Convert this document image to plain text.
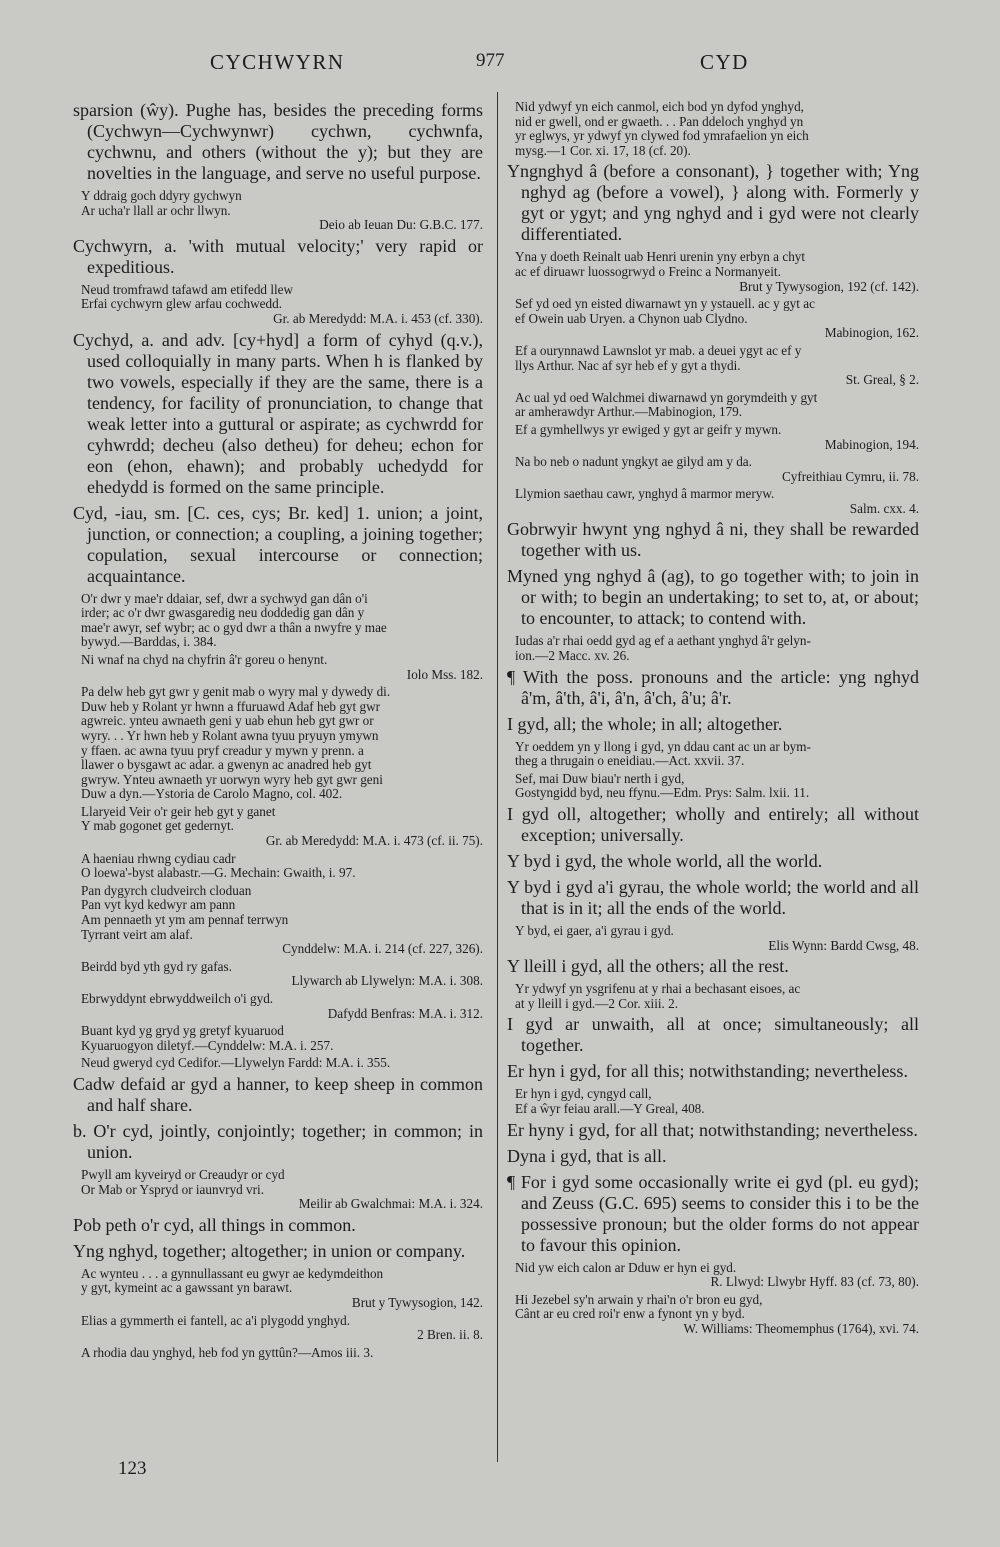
CYCHWYRN	977	CYD
sparsion (ŵy). Pughe has, besides the preceding forms (Cychwyn—Cychwynwr) cychwn, cychwnfa, cychwnu, and others (without the y); but they are novelties in the language, and serve no useful purpose.
Y ddraig goch ddyry gychwyn
Ar ucha'r llall ar ochr llwyn.
Deio ab Ieuan Du: G.B.C. 177.
Cychwyrn, a. 'with mutual velocity;' very rapid or expeditious.
Neud tromfrawd tafawd am etifedd llew
Erfai cychwyrn glew arfau cochwedd.
Gr. ab Meredydd: M.A. i. 453 (cf. 330).
Cychyd, a. and adv. [cy+hyd] a form of cyhyd (q.v.), used colloquially in many parts. When h is flanked by two vowels, especially if they are the same, there is a tendency, for facility of pronunciation, to change that weak letter into a guttural or aspirate; as cychwrdd for cyhwrdd; decheu (also detheu) for deheu; echon for eon (ehon, ehawn); and probably uchedydd for ehedydd is formed on the same principle.
Cyd, -iau, sm. [C. ces, cys; Br. ked] 1. union; a joint, junction, or connection; a coupling, a joining together; copulation, sexual intercourse or connection; acquaintance.
O'r dwr y mae'r ddaiar, sef, dwr a sychwyd gan dân o'i
irder; ac o'r dwr gwasgaredig neu doddedig gan dân y
mae'r awyr, sef wybr; ac o gyd dwr a thân a nwyfre y mae
bywyd.—Barddas, i. 384.
Ni wnaf na chyd na chyfrin â'r goreu o henynt.
Iolo Mss. 182.
Pa delw heb gyt gwr y genit mab o wyry mal y dywedy di.
Duw heb y Rolant yr hwnn a ffuruawd Adaf heb gyt gwr
agwreic. ynteu awnaeth geni y uab ehun heb gyt gwr or
wyry. . . Yr hwn heb y Rolant awna tyuu pryuyn ymywn
y ffaen. ac awna tyuu pryf creadur y mywn y prenn. a
llawer o bysgawt ac adar. a gwenyn ac anadred heb gyt
gwryw. Ynteu awnaeth yr uorwyn wyry heb gyt gwr geni
Duw a dyn.—Ystoria de Carolo Magno, col. 402.
Llaryeid Veir o'r geir heb gyt y ganet
Y mab gogonet get gedernyt.
Gr. ab Meredydd: M.A. i. 473 (cf. ii. 75).
A haeniau rhwng cydiau cadr
O loewa'-byst alabastr.—G. Mechain: Gwaith, i. 97.
Pan dygyrch cludveirch cloduan
Pan vyt kyd kedwyr am pann
Am pennaeth yt ym am pennaf terrwyn
Tyrrant veirt am alaf.
Cynddelw: M.A. i. 214 (cf. 227, 326).
Beirdd byd yth gyd ry gafas.
Llywarch ab Llywelyn: M.A. i. 308.
Ebrwyddynt ebrwyddweilch o'i gyd.
Dafydd Benfras: M.A. i. 312.
Buant kyd yg gryd yg gretyf kyuaruod
Kyuaruogyon diletyf.—Cynddelw: M.A. i. 257.
Neud gweryd cyd Cedifor.—Llywelyn Fardd: M.A. i. 355.
Cadw defaid ar gyd a hanner, to keep sheep in common and half share.
b. O'r cyd, jointly, conjointly; together; in common; in union.
Pwyll am kyveiryd or Creaudyr or cyd
Or Mab or Yspryd or iaunvryd vri.
Meilir ab Gwalchmai: M.A. i. 324.
Pob peth o'r cyd, all things in common.
Yng nghyd, together; altogether; in union or company.
Ac wynteu . . . a gynnullassant eu gwyr ae kedymdeithon
y gyt, kymeint ac a gawssant yn barawt.
Brut y Tywysogion, 142.
Elias a gymmerth ei fantell, ac a'i plygodd ynghyd.
2 Bren. ii. 8.
A rhodia dau ynghyd, heb fod yn gyttûn?—Amos iii. 3.
Nid ydwyf yn eich canmol, eich bod yn dyfod ynghyd,
nid er gwell, ond er gwaeth. . . Pan ddeloch ynghyd yn
yr eglwys, yr ydwyf yn clywed fod ymrafaelion yn eich
mysg.—1 Cor. xi. 17, 18 (cf. 20).
Yngnghyd â (before a consonant), } together with; Yng nghyd ag (before a vowel), } along with. Formerly y gyt or ygyt; and yng nghyd and i gyd were not clearly differentiated.
Yna y doeth Reinalt uab Henri urenin yny erbyn a chyt
ac ef diruawr luossogrwyd o Freinc a Normanyeit.
Brut y Tywysogion, 192 (cf. 142).
Sef yd oed yn eisted diwarnawt yn y ystauell. ac y gyt ac
ef Owein uab Uryen. a Chynon uab Clydno.
Mabinogion, 162.
Ef a ourynnawd Lawnslot yr mab. a deuei ygyt ac ef y
llys Arthur. Nac af syr heb ef y gyt a thydi.
St. Greal, § 2.
Ac ual yd oed Walchmei diwarnawd yn gorymdeith y gyt
ar amherawdyr Arthur.—Mabinogion, 179.
Ef a gymhellwys yr ewiged y gyt ar geifr y mywn.
Mabinogion, 194.
Na bo neb o nadunt yngkyt ae gilyd am y da.
Cyfreithiau Cymru, ii. 78.
Llymion saethau cawr, ynghyd â marmor meryw.
Salm. cxx. 4.
Gobrwyir hwynt yng nghyd â ni, they shall be rewarded together with us.
Myned yng nghyd â (ag), to go together with; to join in or with; to begin an undertaking; to set to, at, or about; to encounter, to attack; to contend with.
Iudas a'r rhai oedd gyd ag ef a aethant ynghyd â'r gelyn-
ion.—2 Macc. xv. 26.
¶ With the poss. pronouns and the article: yng nghyd â'm, â'th, â'i, â'n, â'ch, â'u; â'r.
I gyd, all; the whole; in all; altogether.
Yr oeddem yn y llong i gyd, yn ddau cant ac un ar bym-
theg a thrugain o eneidiau.—Act. xxvii. 37.
Sef, mai Duw biau'r nerth i gyd,
Gostyngidd byd, neu ffynu.—Edm. Prys: Salm. lxii. 11.
I gyd oll, altogether; wholly and entirely; all without exception; universally.
Y byd i gyd, the whole world, all the world.
Y byd i gyd a'i gyrau, the whole world; the world and all that is in it; all the ends of the world.
Y byd, ei gaer, a'i gyrau i gyd.
Elis Wynn: Bardd Cwsg, 48.
Y lleill i gyd, all the others; all the rest.
Yr ydwyf yn ysgrifenu at y rhai a bechasant eisoes, ac
at y lleill i gyd.—2 Cor. xiii. 2.
I gyd ar unwaith, all at once; simultaneously; all together.
Er hyn i gyd, for all this; notwithstanding; nevertheless.
Er hyn i gyd, cyngyd call,
Ef a ŵyr feiau arall.—Y Greal, 408.
Er hyny i gyd, for all that; notwithstanding; nevertheless.
Dyna i gyd, that is all.
¶ For i gyd some occasionally write ei gyd (pl. eu gyd); and Zeuss (G.C. 695) seems to consider this i to be the possessive pronoun; but the older forms do not appear to favour this opinion.
Nid yw eich calon ar Dduw er hyn ei gyd.
R. Llwyd: Llwybr Hyff. 83 (cf. 73, 80).
Hi Jezebel sy'n arwain y rhai'n o'r bron eu gyd,
Cânt ar eu cred roi'r enw a fynont yn y byd.
W. Williams: Theomemphus (1764), xvi. 74.
123
